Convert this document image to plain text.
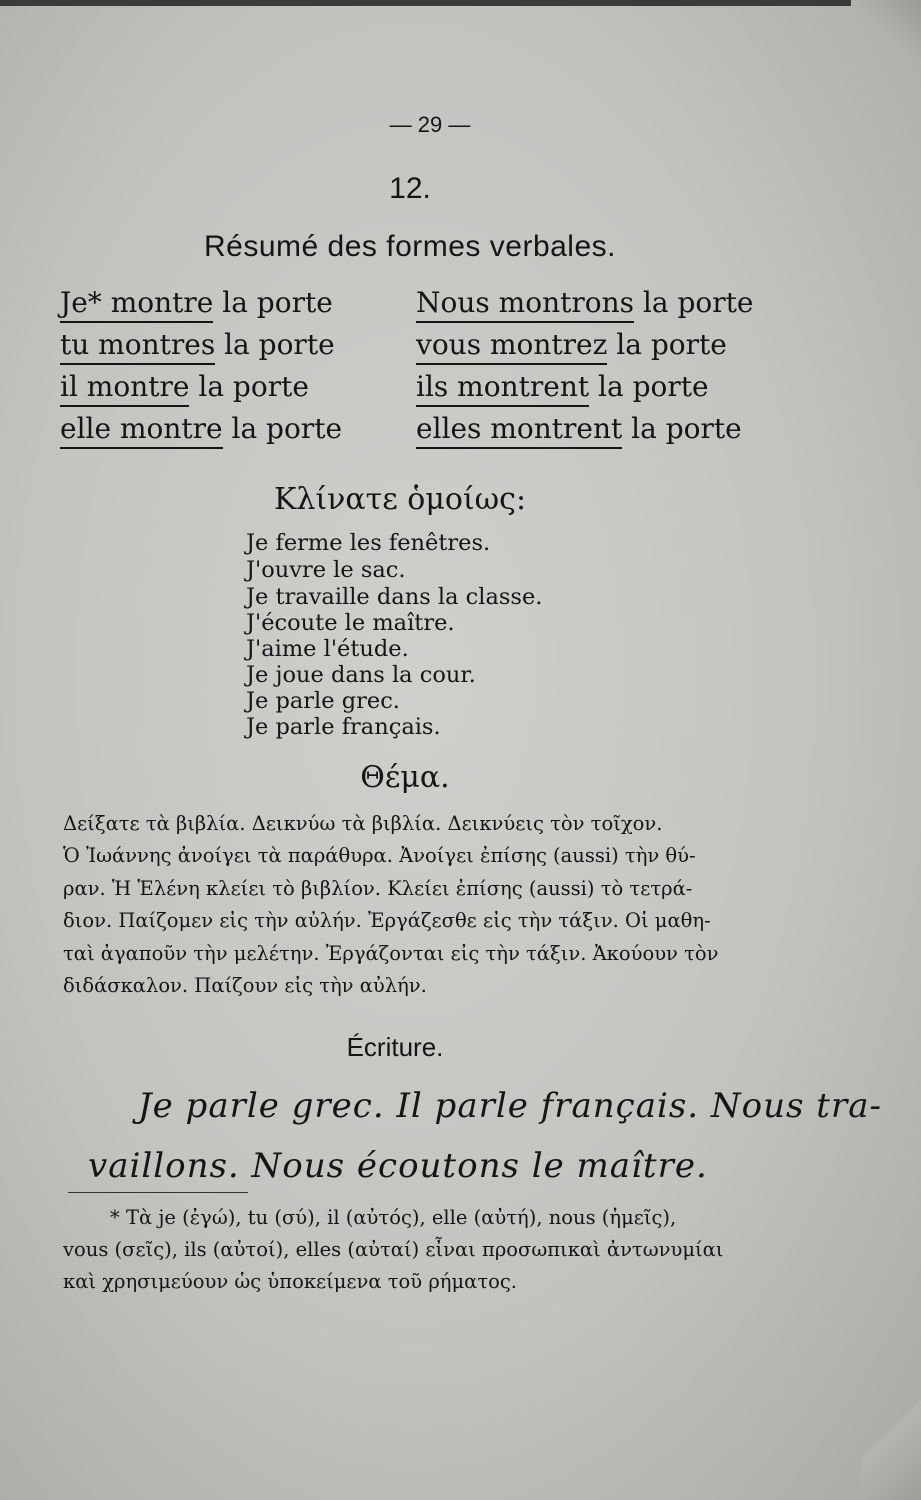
— 29 —
12.
Résumé des formes verbales.
Je* montre la porte
tu montres la porte
il montre la porte
elle montre la porte
Nous montrons la porte
vous montrez la porte
ils montrent la porte
elles montrent la porte
Κλίνατε ὁμοίως:
Je ferme les fenêtres.
J'ouvre le sac.
Je travaille dans la classe.
J'écoute le maître.
J'aime l'étude.
Je joue dans la cour.
Je parle grec.
Je parle français.
Θέμα.
Δείξατε τὰ βιβλία. Δεικνύω τὰ βιβλία. Δεικνύεις τὸν τοῖχον.
Ὁ Ἰωάννης ἀνοίγει τὰ παράθυρα. Ἀνοίγει ἐπίσης (aussi) τὴν θύ-
ραν. Ἡ Ἑλένη κλείει τὸ βιβλίον. Κλείει ἐπίσης (aussi) τὸ τετρά-
διον. Παίζομεν εἰς τὴν αὐλήν. Ἐργάζεσθε εἰς τὴν τάξιν. Οἱ μαθη-
ταὶ ἀγαποῦν τὴν μελέτην. Ἐργάζονται εἰς τὴν τάξιν. Ἀκούουν τὸν
διδάσκαλον. Παίζουν εἰς τὴν αὐλήν.
Écriture.
Je parle grec. Il parle français. Nous tra-
vaillons. Nous écoutons le maître.
* Τὰ je (ἐγώ), tu (σύ), il (αὐτός), elle (αὐτή), nous (ἡμεῖς),
vous (σεῖς), ils (αὐτοί), elles (αὐταί) εἶναι προσωπικαὶ ἀντωνυμίαι
καὶ χρησιμεύουν ὡς ὑποκείμενα τοῦ ρήματος.
